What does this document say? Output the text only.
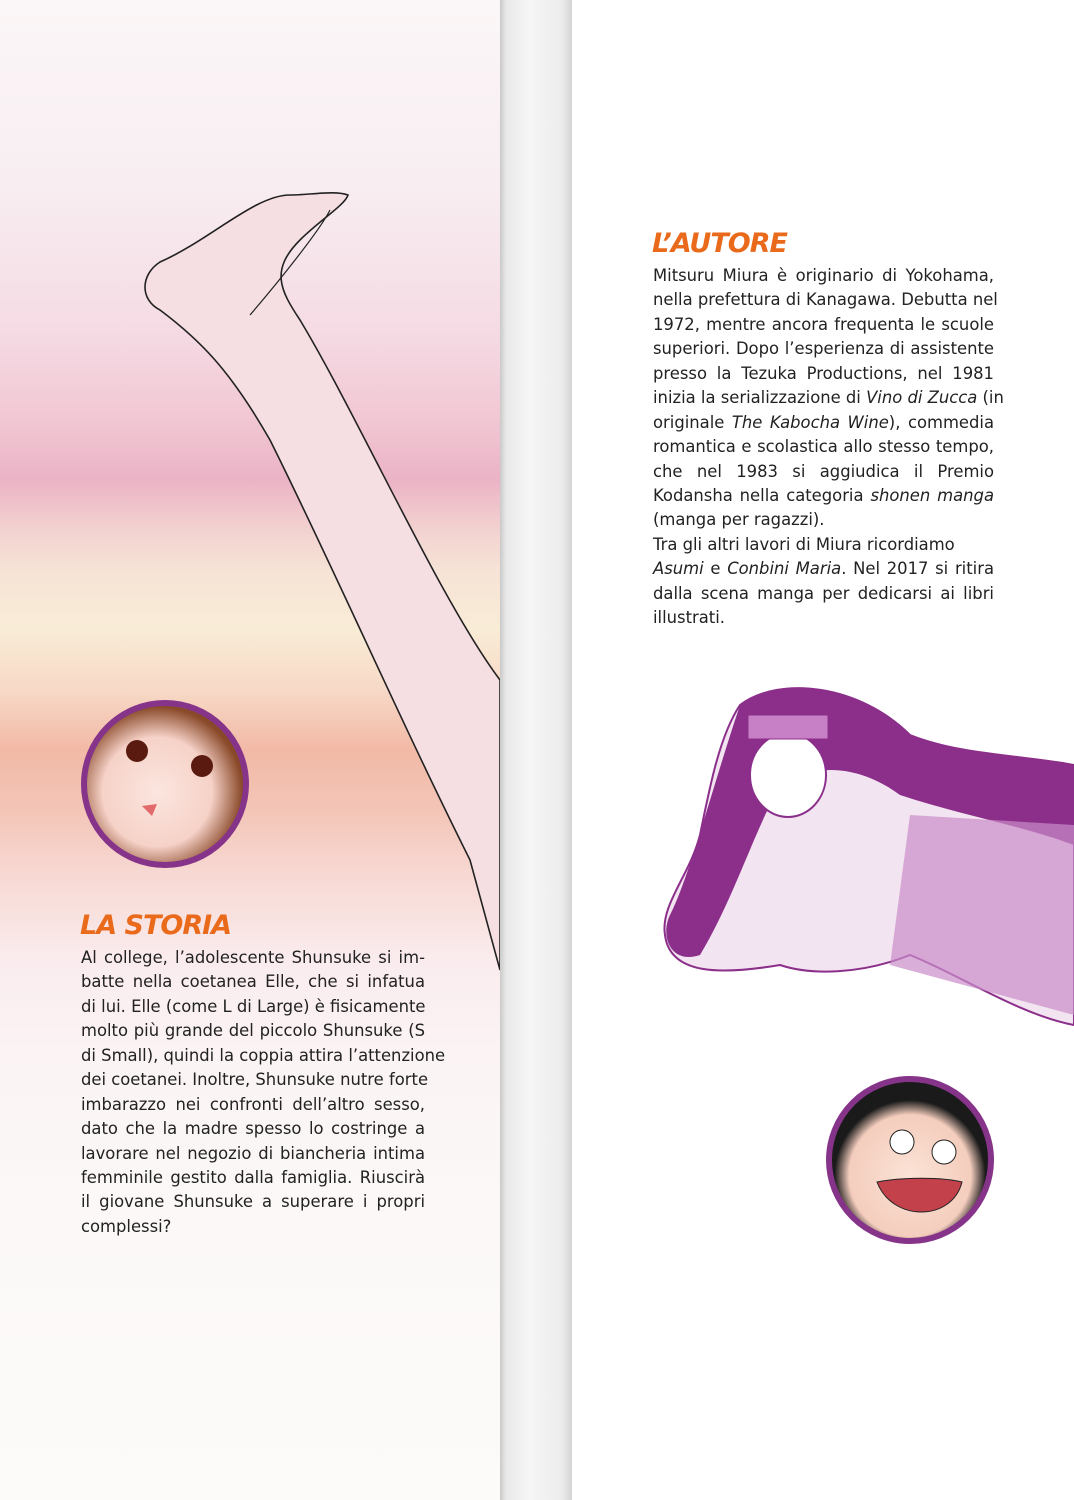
LA STORIA
Al college, l’adolescente Shunsuke si im-
batte nella coetanea Elle, che si infatua
di lui. Elle (come L di Large) è fisicamente
molto più grande del piccolo Shunsuke (S
di Small), quindi la coppia attira l’attenzione
dei coetanei. Inoltre, Shunsuke nutre forte
imbarazzo nei confronti dell’altro sesso,
dato che la madre spesso lo costringe a
lavorare nel negozio di biancheria intima
femminile gestito dalla famiglia. Riuscirà
il giovane Shunsuke a superare i propri
complessi?
L’AUTORE
Mitsuru Miura è originario di Yokohama,
nella prefettura di Kanagawa. Debutta nel
1972, mentre ancora frequenta le scuole
superiori. Dopo l’esperienza di assistente
presso la Tezuka Productions, nel 1981
inizia la serializzazione di Vino di Zucca (in
originale The Kabocha Wine), commedia
romantica e scolastica allo stesso tempo,
che nel 1983 si aggiudica il Premio
Kodansha nella categoria shonen manga
(manga per ragazzi).
Tra gli altri lavori di Miura ricordiamo
Asumi e Conbini Maria. Nel 2017 si ritira
dalla scena manga per dedicarsi ai libri
illustrati.
